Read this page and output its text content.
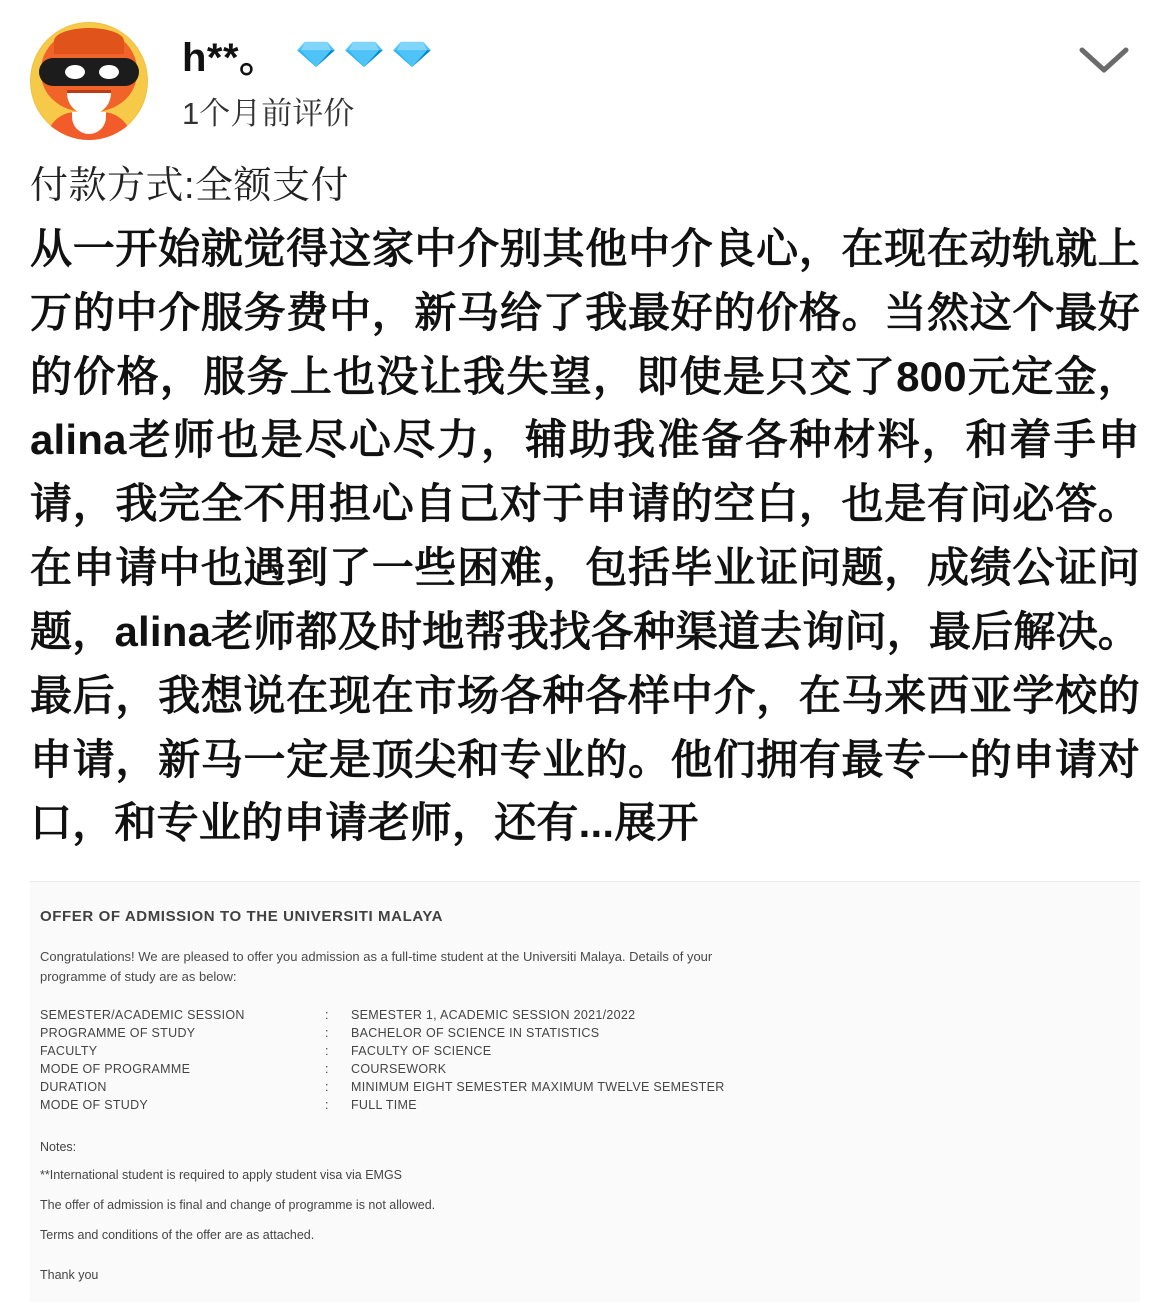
h**。
1个月前评价
付款方式:全额支付
从一开始就觉得这家中介别其他中介良心，在现在动轨就上万的中介服务费中，新马给了我最好的价格。当然这个最好的价格，服务上也没让我失望，即使是只交了800元定金，alina老师也是尽心尽力，辅助我准备各种材料，和着手申请，我完全不用担心自己对于申请的空白，也是有问必答。在申请中也遇到了一些困难，包括毕业证问题，成绩公证问题，alina老师都及时地帮我找各种渠道去询问，最后解决。最后，我想说在现在市场各种各样中介，在马来西亚学校的申请，新马一定是顶尖和专业的。他们拥有最专一的申请对口，和专业的申请老师，还有...展开
OFFER OF ADMISSION TO THE UNIVERSITI MALAYA
Congratulations! We are pleased to offer you admission as a full-time student at the Universiti Malaya. Details of your programme of study are as below:
SEMESTER/ACADEMIC SESSION	:	SEMESTER 1, ACADEMIC SESSION 2021/2022
PROGRAMME OF STUDY	:	BACHELOR OF SCIENCE IN STATISTICS
FACULTY	:	FACULTY OF SCIENCE
MODE OF PROGRAMME	:	COURSEWORK
DURATION	:	MINIMUM EIGHT SEMESTER MAXIMUM TWELVE SEMESTER
MODE OF STUDY	:	FULL TIME
Notes:
**International student is required to apply student visa via EMGS
The offer of admission is final and change of programme is not allowed.
Terms and conditions of the offer are as attached.
Thank you
